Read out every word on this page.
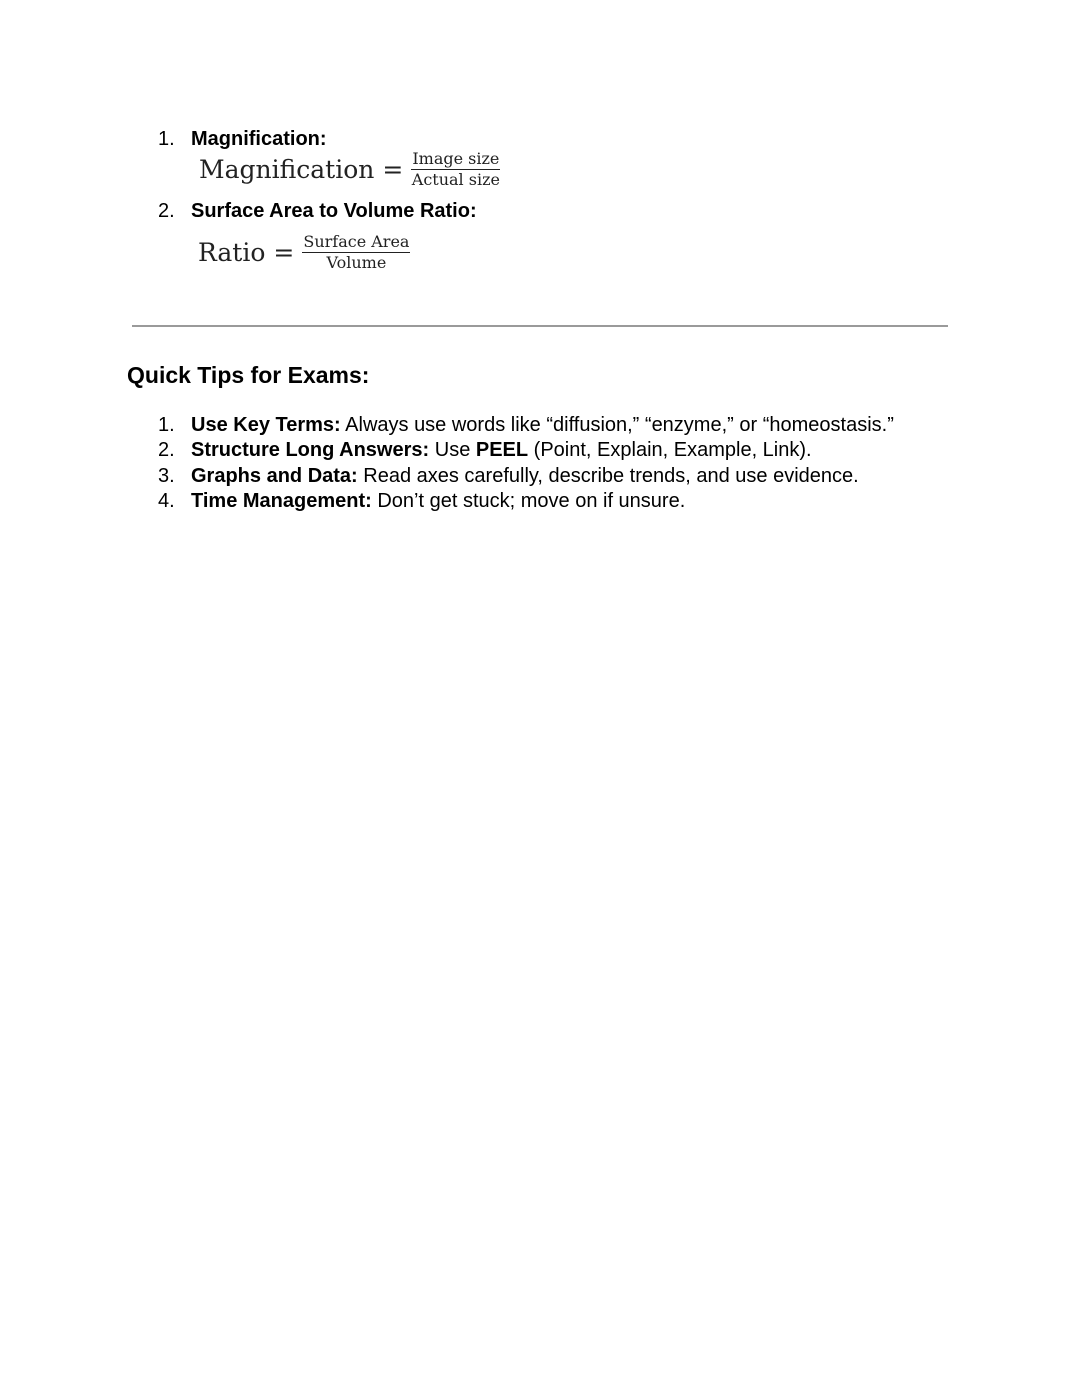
1. Magnification:
Magnification = $\frac{\text{Image size}}{\text{Actual size}}$
2. Surface Area to Volume Ratio:
Ratio = $\frac{\text{Surface Area}}{\text{Volume}}$
Quick Tips for Exams:
1. Use Key Terms: Always use words like “diffusion,” “enzyme,” or “homeostasis.”
2. Structure Long Answers: Use PEEL (Point, Explain, Example, Link).
3. Graphs and Data: Read axes carefully, describe trends, and use evidence.
4. Time Management: Don’t get stuck; move on if unsure.
